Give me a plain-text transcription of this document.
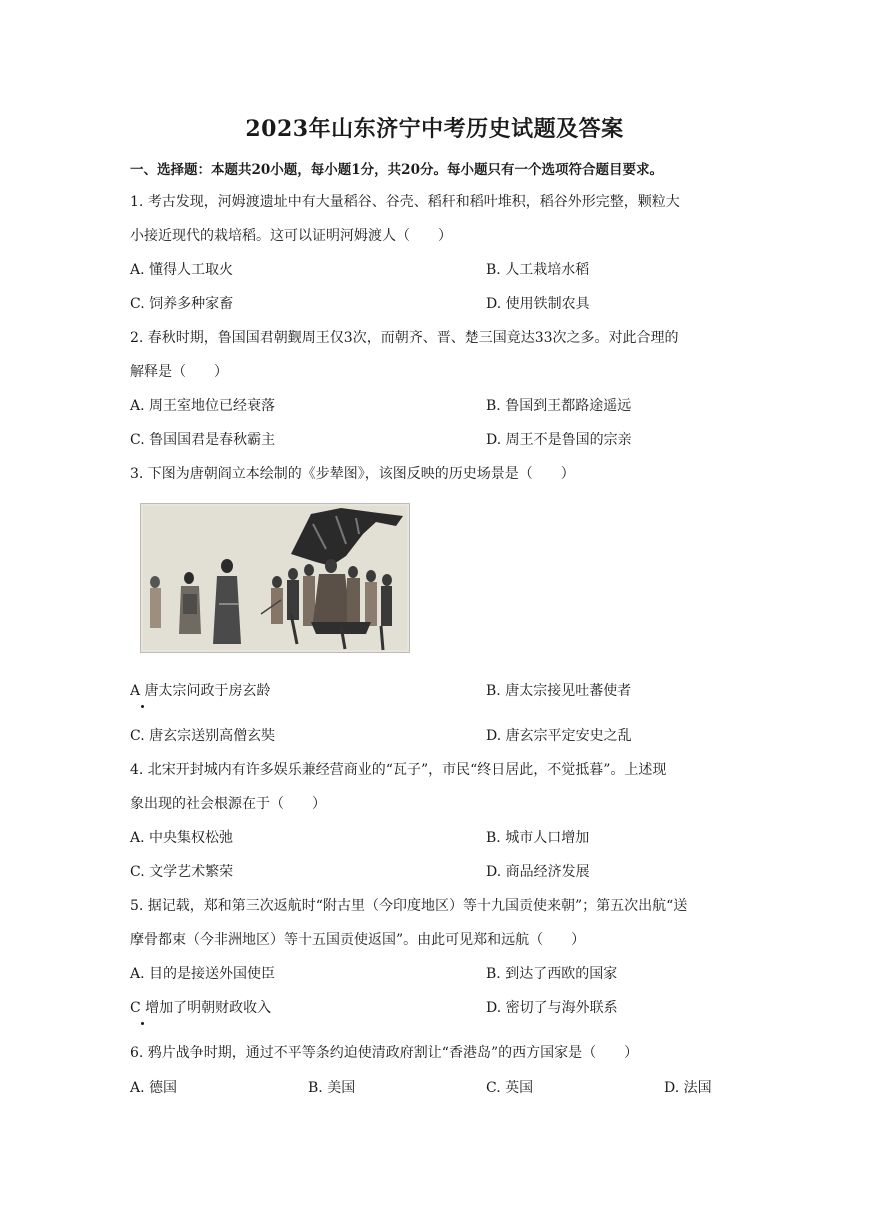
2023年山东济宁中考历史试题及答案
一、选择题：本题共20小题，每小题1分，共20分。每小题只有一个选项符合题目要求。
1. 考古发现，河姆渡遗址中有大量稻谷、谷壳、稻秆和稻叶堆积，稻谷外形完整，颗粒大
小接近现代的栽培稻。这可以证明河姆渡人（　　）
A. 懂得人工取火	B. 人工栽培水稻
C. 饲养多种家畜	D. 使用铁制农具
2. 春秋时期，鲁国国君朝觐周王仅3次，而朝齐、晋、楚三国竟达33次之多。对此合理的
解释是（　　）
A. 周王室地位已经衰落	B. 鲁国到王都路途遥远
C. 鲁国国君是春秋霸主	D. 周王不是鲁国的宗亲
3. 下图为唐朝阎立本绘制的《步辇图》，该图反映的历史场景是（　　）
A 唐太宗问政于房玄龄	B. 唐太宗接见吐蕃使者
C. 唐玄宗送别高僧玄奘	D. 唐玄宗平定安史之乱
4. 北宋开封城内有许多娱乐兼经营商业的“瓦子”，市民“终日居此，不觉抵暮”。上述现
象出现的社会根源在于（　　）
A. 中央集权松弛	B. 城市人口增加
C. 文学艺术繁荣	D. 商品经济发展
5. 据记载，郑和第三次返航时“附古里（今印度地区）等十九国贡使来朝”；第五次出航“送
摩骨都束（今非洲地区）等十五国贡使返国”。由此可见郑和远航（　　）
A. 目的是接送外国使臣	B. 到达了西欧的国家
C 增加了明朝财政收入	D. 密切了与海外联系
6. 鸦片战争时期，通过不平等条约迫使清政府割让“香港岛”的西方国家是（　　）
A. 德国	B. 美国	C. 英国	D. 法国
